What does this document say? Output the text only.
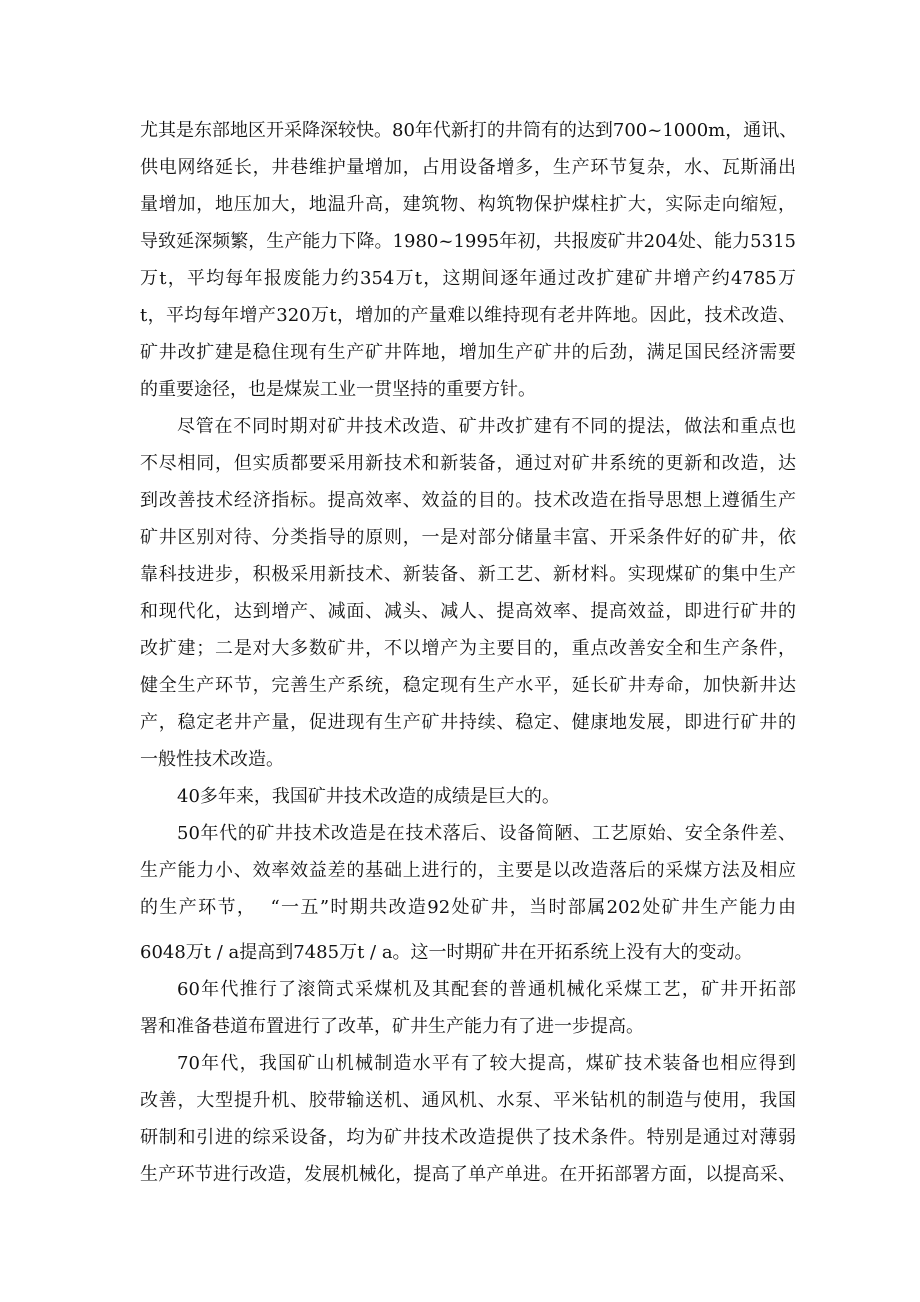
尤其是东部地区开采降深较快。80年代新打的井筒有的达到700~1000m，通讯、
供电网络延长，井巷维护量增加，占用设备增多，生产环节复杂，水、瓦斯涌出
量增加，地压加大，地温升高，建筑物、构筑物保护煤柱扩大，实际走向缩短，
导致延深频繁，生产能力下降。1980~1995年初，共报废矿井204处、能力5315
万t，平均每年报废能力约354万t，这期间逐年通过改扩建矿井增产约4785万
t，平均每年增产320万t，增加的产量难以维持现有老井阵地。因此，技术改造、
矿井改扩建是稳住现有生产矿井阵地，增加生产矿井的后劲，满足国民经济需要
的重要途径，也是煤炭工业一贯坚持的重要方针。
尽管在不同时期对矿井技术改造、矿井改扩建有不同的提法，做法和重点也
不尽相同，但实质都要采用新技术和新装备，通过对矿井系统的更新和改造，达
到改善技术经济指标。提高效率、效益的目的。技术改造在指导思想上遵循生产
矿井区别对待、分类指导的原则，一是对部分储量丰富、开采条件好的矿井，依
靠科技进步，积极采用新技术、新装备、新工艺、新材料。实现煤矿的集中生产
和现代化，达到增产、减面、减头、减人、提高效率、提高效益，即进行矿井的
改扩建；二是对大多数矿井，不以增产为主要目的，重点改善安全和生产条件，
健全生产环节，完善生产系统，稳定现有生产水平，延长矿井寿命，加快新井达
产，稳定老井产量，促进现有生产矿井持续、稳定、健康地发展，即进行矿井的
一般性技术改造。
40多年来，我国矿井技术改造的成绩是巨大的。
50年代的矿井技术改造是在技术落后、设备简陋、工艺原始、安全条件差、
生产能力小、效率效益差的基础上进行的，主要是以改造落后的采煤方法及相应
的生产环节，  “一五”时期共改造92处矿井，当时部属202处矿井生产能力由
6048万t / a提高到7485万t / a。这一时期矿井在开拓系统上没有大的变动。
60年代推行了滚筒式采煤机及其配套的普通机械化采煤工艺，矿井开拓部
署和准备巷道布置进行了改革，矿井生产能力有了进一步提高。
70年代，我国矿山机械制造水平有了较大提高，煤矿技术装备也相应得到
改善，大型提升机、胶带输送机、通风机、水泵、平米钻机的制造与使用，我国
研制和引进的综采设备，均为矿井技术改造提供了技术条件。特别是通过对薄弱
生产环节进行改造，发展机械化，提高了单产单进。在开拓部署方面，以提高采、
